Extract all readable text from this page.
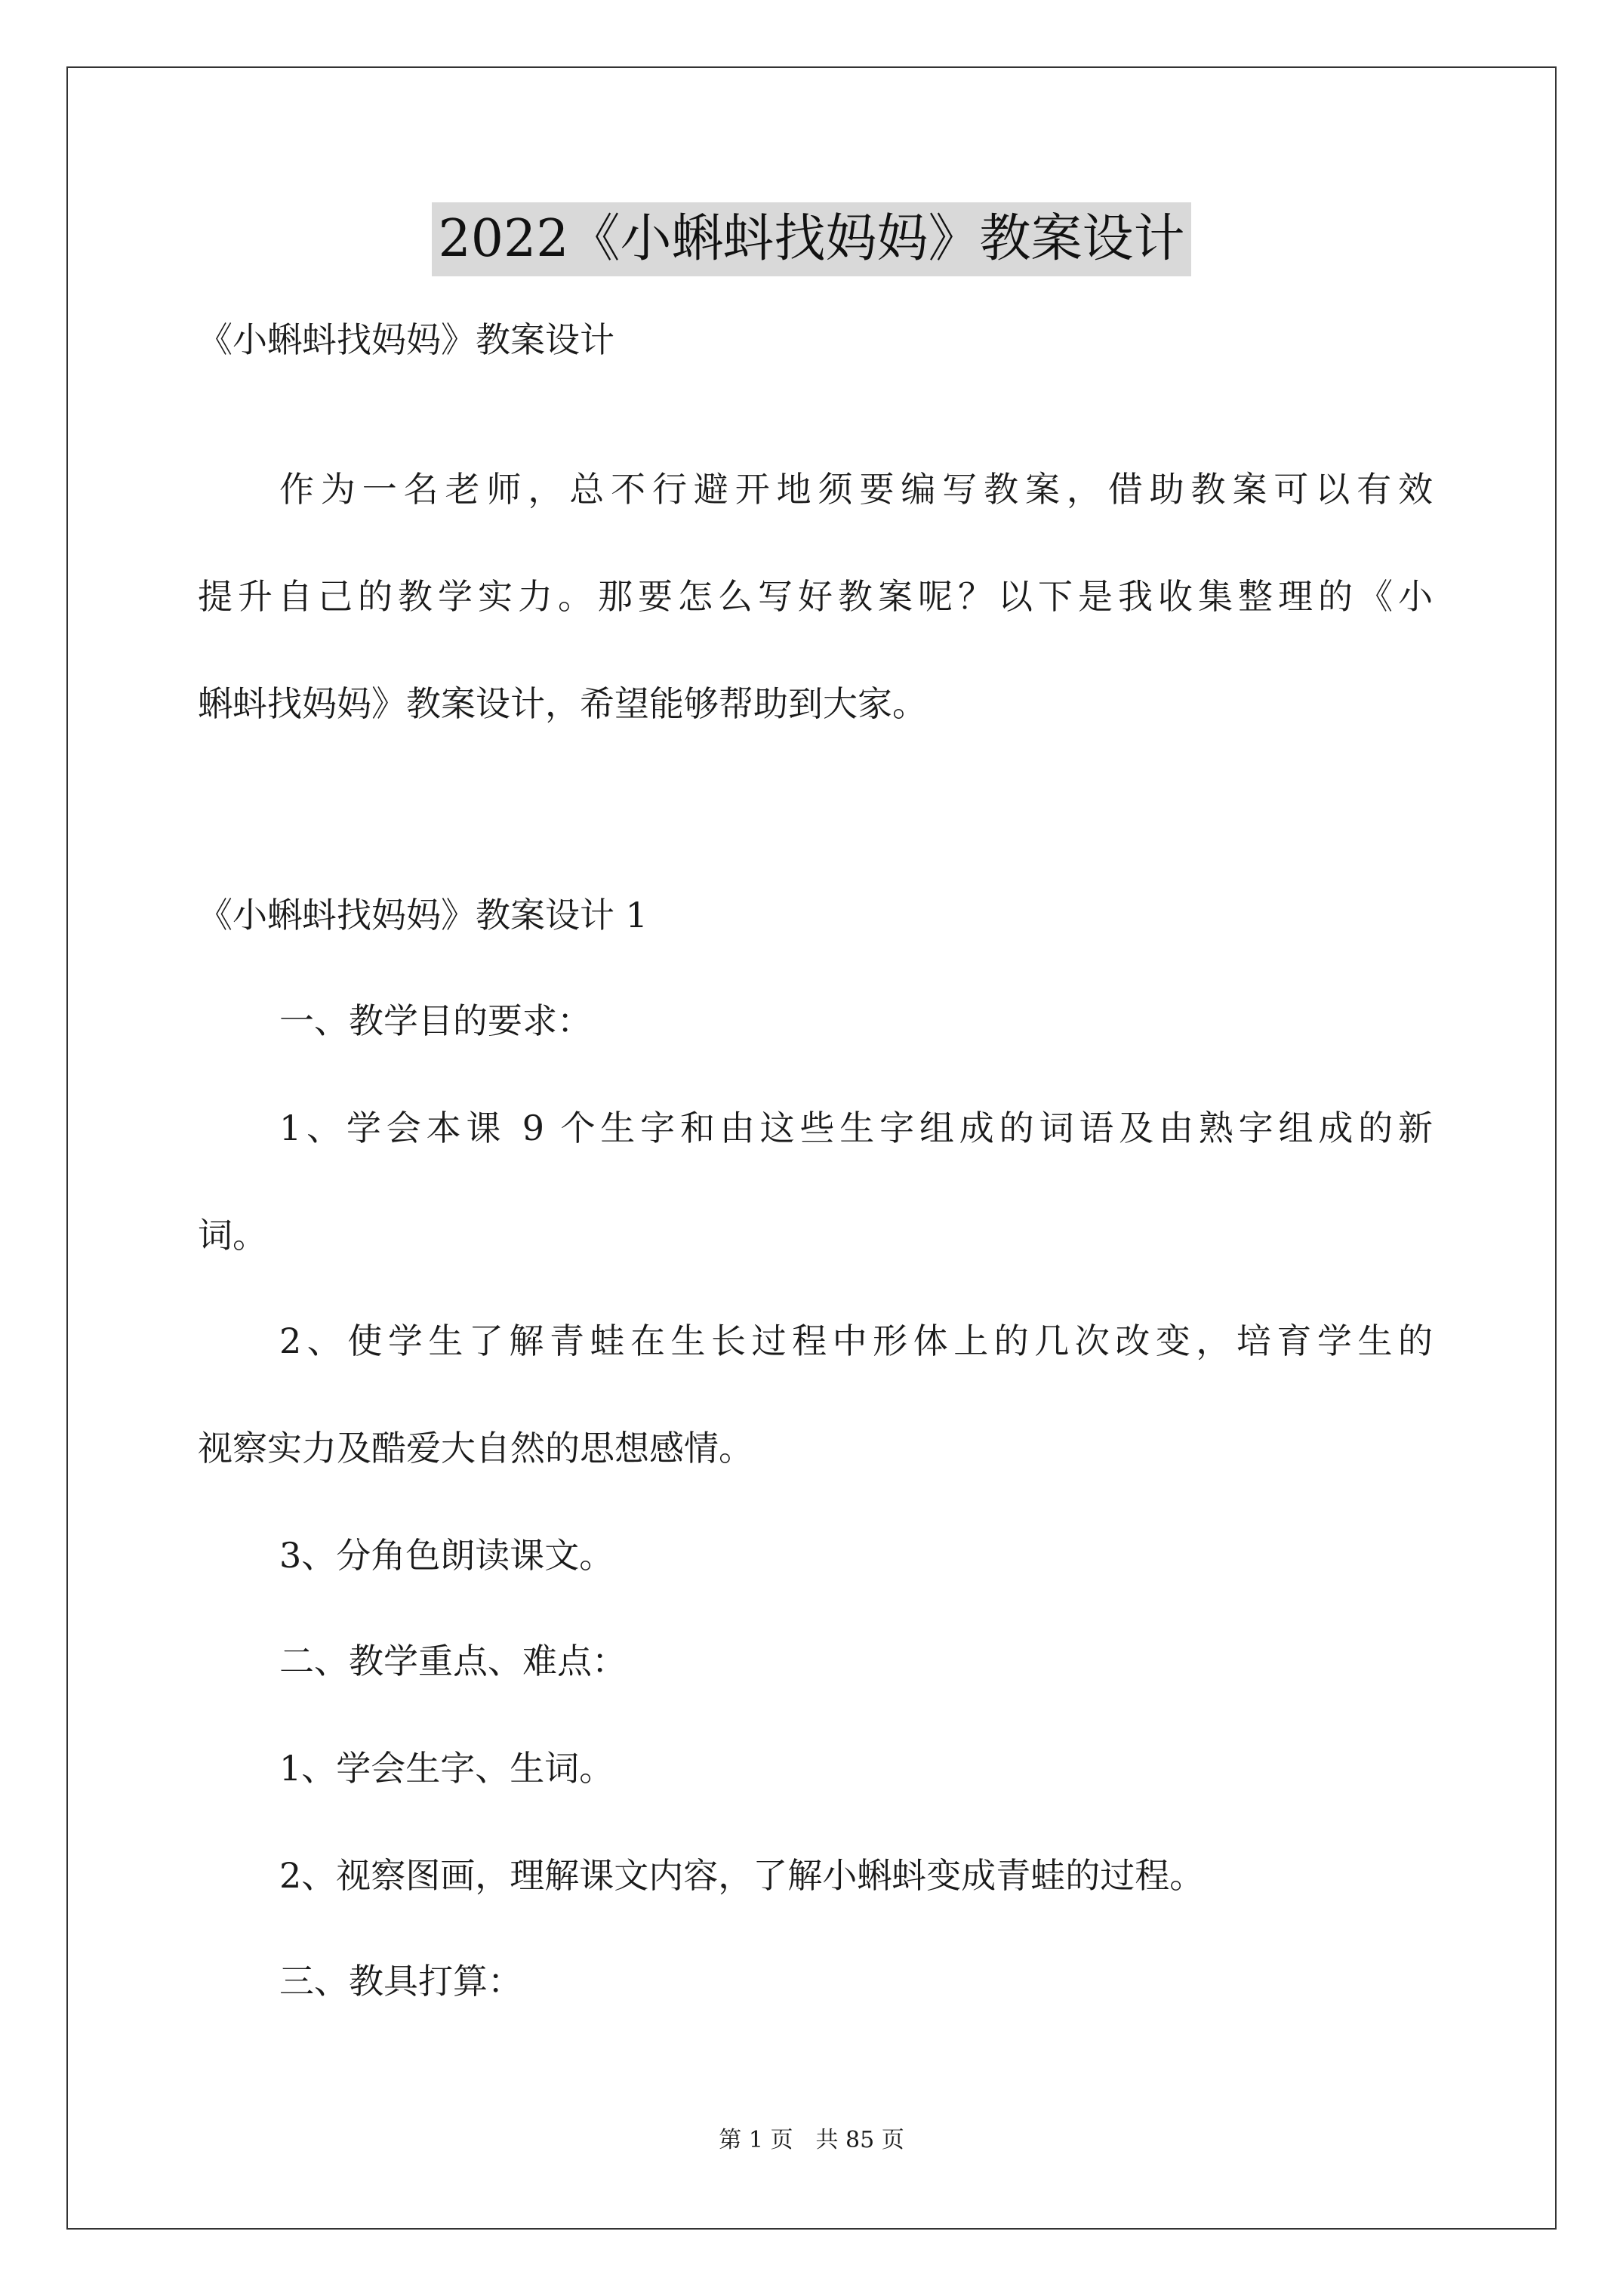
2022《小蝌蚪找妈妈》教案设计
《小蝌蚪找妈妈》教案设计
作为一名老师，总不行避开地须要编写教案，借助教案可以有效
提升自己的教学实力。那要怎么写好教案呢？以下是我收集整理的《小
蝌蚪找妈妈》教案设计，希望能够帮助到大家。
《小蝌蚪找妈妈》教案设计 1
一、教学目的要求：
1、学会本课 9 个生字和由这些生字组成的词语及由熟字组成的新
词。
2、使学生了解青蛙在生长过程中形体上的几次改变，培育学生的
视察实力及酷爱大自然的思想感情。
3、分角色朗读课文。
二、教学重点、难点：
1、学会生字、生词。
2、视察图画，理解课文内容，了解小蝌蚪变成青蛙的过程。
三、教具打算：
第 1 页　共 85 页
